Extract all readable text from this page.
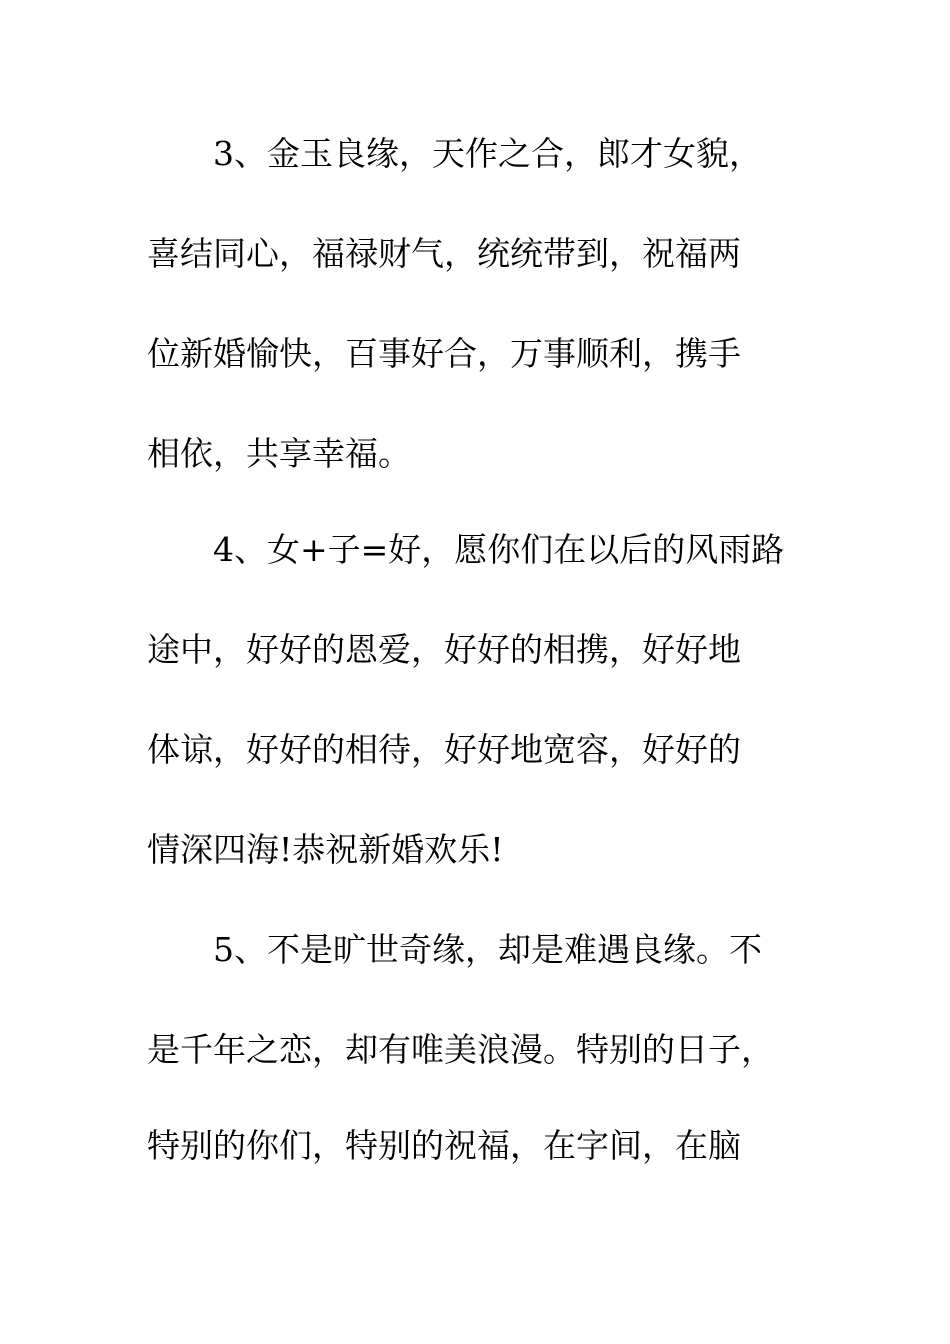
3、金玉良缘，天作之合，郎才女貌，
喜结同心，福禄财气，统统带到，祝福两
位新婚愉快，百事好合，万事顺利，携手
相依，共享幸福。
4、女+子=好，愿你们在以后的风雨路
途中，好好的恩爱，好好的相携，好好地
体谅，好好的相待，好好地宽容，好好的
情深四海!恭祝新婚欢乐!
5、不是旷世奇缘，却是难遇良缘。不
是千年之恋，却有唯美浪漫。特别的日子，
特别的你们，特别的祝福，在字间，在脑
